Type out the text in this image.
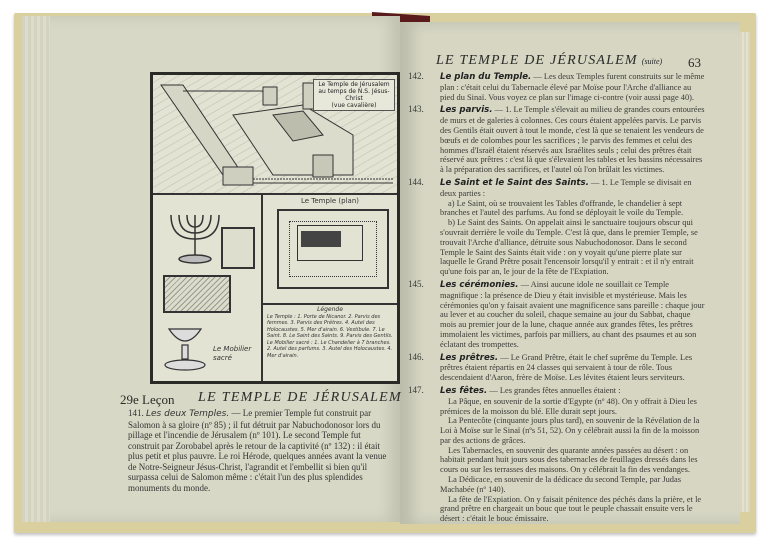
Le Temple de Jérusalem
au temps de N.S. Jésus-Christ
(vue cavalière)
Le Mobilier
sacré
Le Temple (plan)
Légende
Le Temple : 1. Porte de Nicanor. 2. Parvis des femmes. 3. Parvis des Prêtres. 4. Autel des Holocaustes. 5. Mer d'airain. 6. Vestibule. 7. Le Saint. 8. Le Saint des Saints. 9. Parvis des Gentils. Le Mobilier sacré : 1. Le Chandelier à 7 branches. 2. Autel des parfums. 3. Autel des Holocaustes. 4. Mer d'airain.
29e Leçon LE TEMPLE DE JÉRUSALEM
141. Les deux Temples. — Le premier Temple fut construit par Salomon à sa gloire (nº 85) ; il fut détruit par Nabuchodonosor lors du pillage et l'incendie de Jérusalem (nº 101). Le second Temple fut construit par Zorobabel après le retour de la captivité (nº 132) : il était plus petit et plus pauvre. Le roi Hérode, quelques années avant la venue de Notre-Seigneur Jésus-Christ, l'agrandit et l'embellit si bien qu'il surpassa celui de Salomon même : c'était l'un des plus splendides monuments du monde.
LE TEMPLE DE JÉRUSALEM (suite) 63
142. Le plan du Temple. — Les deux Temples furent construits sur le même plan : c'était celui du Tabernacle élevé par Moïse pour l'Arche d'alliance au pied du Sinaï. Vous voyez ce plan sur l'image ci-contre (voir aussi page 40).
143. Les parvis. — 1. Le Temple s'élevait au milieu de grandes cours entourées de murs et de galeries à colonnes. Ces cours étaient appelées parvis. Le parvis des Gentils était ouvert à tout le monde, c'est là que se tenaient les vendeurs de bœufs et de colombes pour les sacrifices ; le parvis des femmes et celui des hommes d'Israël étaient réservés aux Israélites seuls ; celui des prêtres était réservé aux prêtres : c'est là que s'élevaient les tables et les bassins nécessaires à la préparation des sacrifices, et l'autel où l'on brûlait les victimes.
144. Le Saint et le Saint des Saints. — 1. Le Temple se divisait en deux parties :
a) Le Saint, où se trouvaient les Tables d'offrande, le chandelier à sept branches et l'autel des parfums. Au fond se déployait le voile du Temple.
b) Le Saint des Saints. On appelait ainsi le sanctuaire toujours obscur qui s'ouvrait derrière le voile du Temple. C'est là que, dans le premier Temple, se trouvait l'Arche d'alliance, détruite sous Nabuchodonosor. Dans le second Temple le Saint des Saints était vide : on y voyait qu'une pierre plate sur laquelle le Grand Prêtre posait l'encensoir lorsqu'il y entrait : et il n'y entrait qu'une fois par an, le jour de la fête de l'Expiation.
145. Les cérémonies. — Ainsi aucune idole ne souillait ce Temple magnifique : la présence de Dieu y était invisible et mystérieuse. Mais les cérémonies qu'on y faisait avaient une magnificence sans pareille : chaque jour au lever et au coucher du soleil, chaque semaine au jour du Sabbat, chaque mois au premier jour de la lune, chaque année aux grandes fêtes, les prêtres immolaient les victimes, parfois par milliers, au chant des psaumes et au son éclatant des trompettes.
146. Les prêtres. — Le Grand Prêtre, était le chef suprême du Temple. Les prêtres étaient répartis en 24 classes qui servaient à tour de rôle. Tous descendaient d'Aaron, frère de Moïse. Les lévites étaient leurs serviteurs.
147. Les fêtes. — Les grandes fêtes annuelles étaient :
La Pâque, en souvenir de la sortie d'Egypte (nº 48). On y offrait à Dieu les prémices de la moisson du blé. Elle durait sept jours.
La Pentecôte (cinquante jours plus tard), en souvenir de la Révélation de la Loi à Moïse sur le Sinaï (nºs 51, 52). On y célébrait aussi la fin de la moisson par des actions de grâces.
Les Tabernacles, en souvenir des quarante années passées au désert : on habitait pendant huit jours sous des tabernacles de feuillages dressés dans les cours ou sur les terrasses des maisons. On y célébrait la fin des vendanges.
La Dédicace, en souvenir de la dédicace du second Temple, par Judas Machabée (nº 140).
La fête de l'Expiation. On y faisait pénitence des péchés dans la prière, et le grand prêtre en chargeait un bouc que tout le peuple chassait ensuite vers le désert : c'était le bouc émissaire.
